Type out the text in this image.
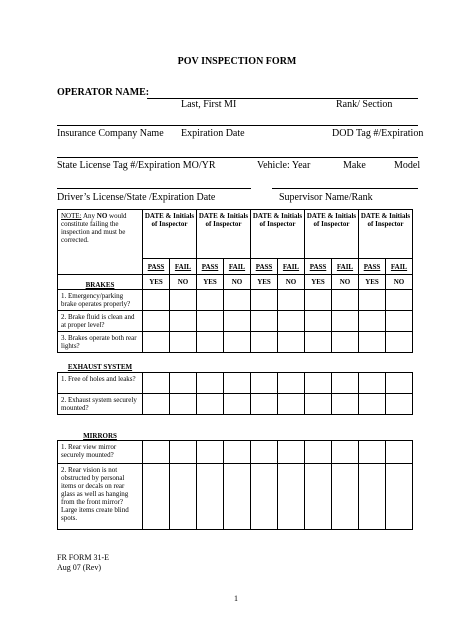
POV INSPECTION FORM
OPERATOR NAME:
Last, First MI	Rank/ Section
Insurance Company Name Expiration Date	DOD Tag #/Expiration
State License Tag #/Expiration MO/YR	Vehicle: Year	Make	Model
Driver’s License/State /Expiration Date	Supervisor Name/Rank
NOTE: Any NO would constitute failing the inspection and must be corrected.	DATE & Initials of Inspector		DATE & Initials of Inspector		DATE & Initials of Inspector		DATE & Initials of Inspector		DATE & Initials of Inspector	
	PASS	FAIL	PASS	FAIL	PASS	FAIL	PASS	FAIL	PASS	FAIL
BRAKES	YES	NO	YES	NO	YES	NO	YES	NO	YES	NO
1. Emergency/parking brake operates properly?										
2. Brake fluid is clean and at proper level?										
3. Brakes operate both rear lights?										
EXHAUST SYSTEM										
1. Free of holes and leaks?										
2. Exhaust system securely mounted?										
MIRRORS										
1. Rear view mirror securely mounted?										
2. Rear vision is not obstructed by personal items or decals on rear glass as well as hanging from the front mirror? Large items create blind spots.										
FR FORM 31-E
Aug 07 (Rev)
1
